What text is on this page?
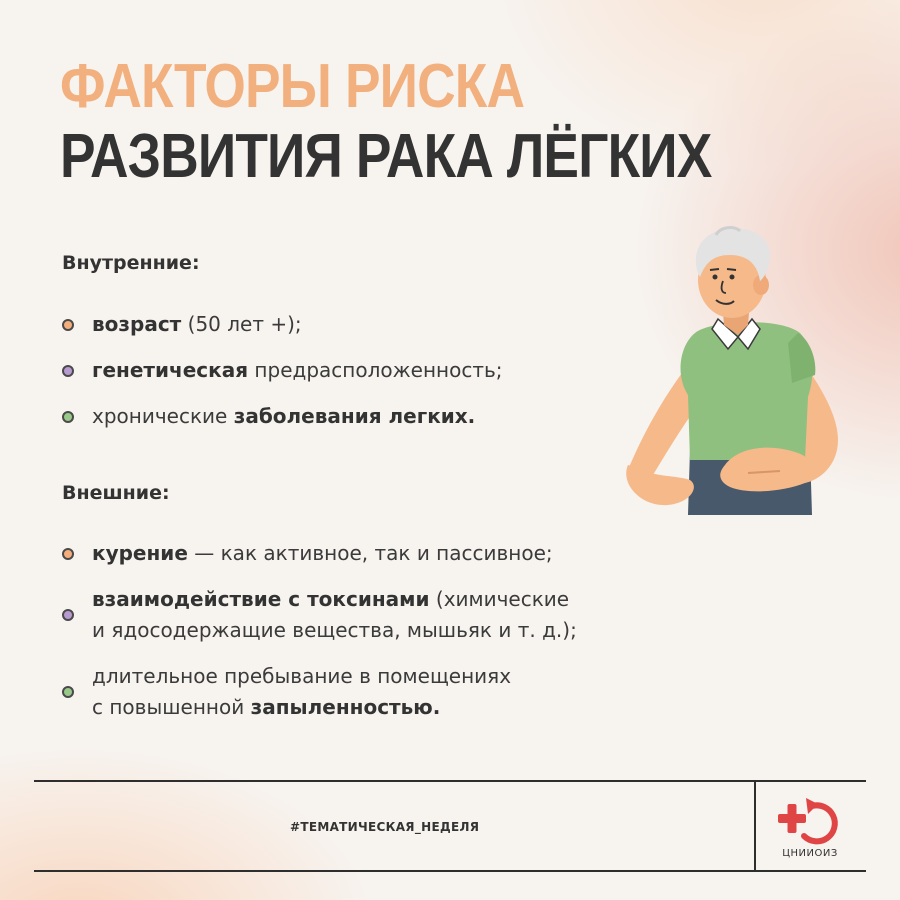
ФАКТОРЫ РИСКА
РАЗВИТИЯ РАКА ЛЁГКИХ
Внутренние:
возраст (50 лет +);
генетическая предрасположенность;
хронические заболевания легких.
Внешние:
курение — как активное, так и пассивное;
взаимодействие с токсинами (химические
и ядосодержащие вещества, мышьяк и т. д.);
длительное пребывание в помещениях
с повышенной запыленностью.
#ТЕМАТИЧЕСКАЯ_НЕДЕЛЯ
ЦНИИОИЗ
